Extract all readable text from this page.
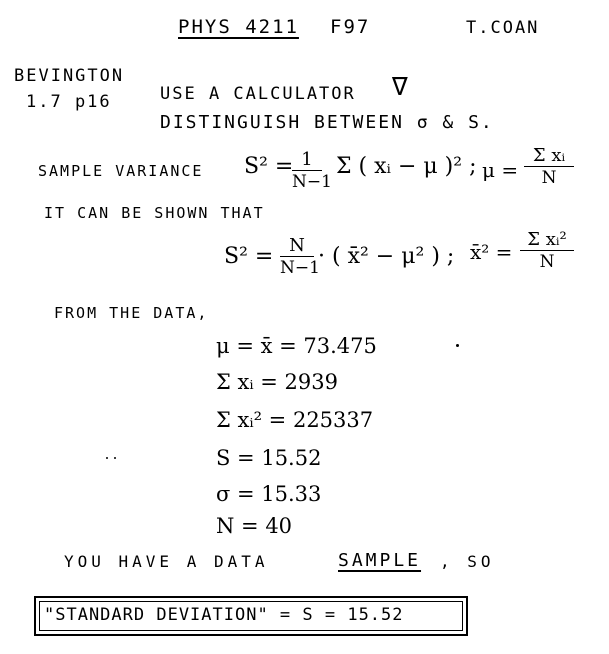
PHYS 4211 F97	T.COAN
BEVINGTON
1.7 p16	USE A CALCULATOR ∇
DISTINGUISH BETWEEN σ & S.
SAMPLE VARIANCE S² =
$\frac{1}{N-1}$ Σ ( xᵢ − μ )² ; $\mu = \frac{\text{Σ xᵢ}}{N}$
IT CAN BE SHOWN THAT
$S^2 = \frac{N}{N-1}$ · ( x̄² − μ² ) ; x̄² = $\frac{\text{Σ xᵢ²}}{N}$
FROM THE DATA,
μ = x̄ = 73.475
Σ xᵢ = 2939
Σ xᵢ² = 225337
S = 15.52
σ = 15.33
N = 40
YOU HAVE A DATA	SAMPLE , SO
"STANDARD DEVIATION" = S = 15.52
